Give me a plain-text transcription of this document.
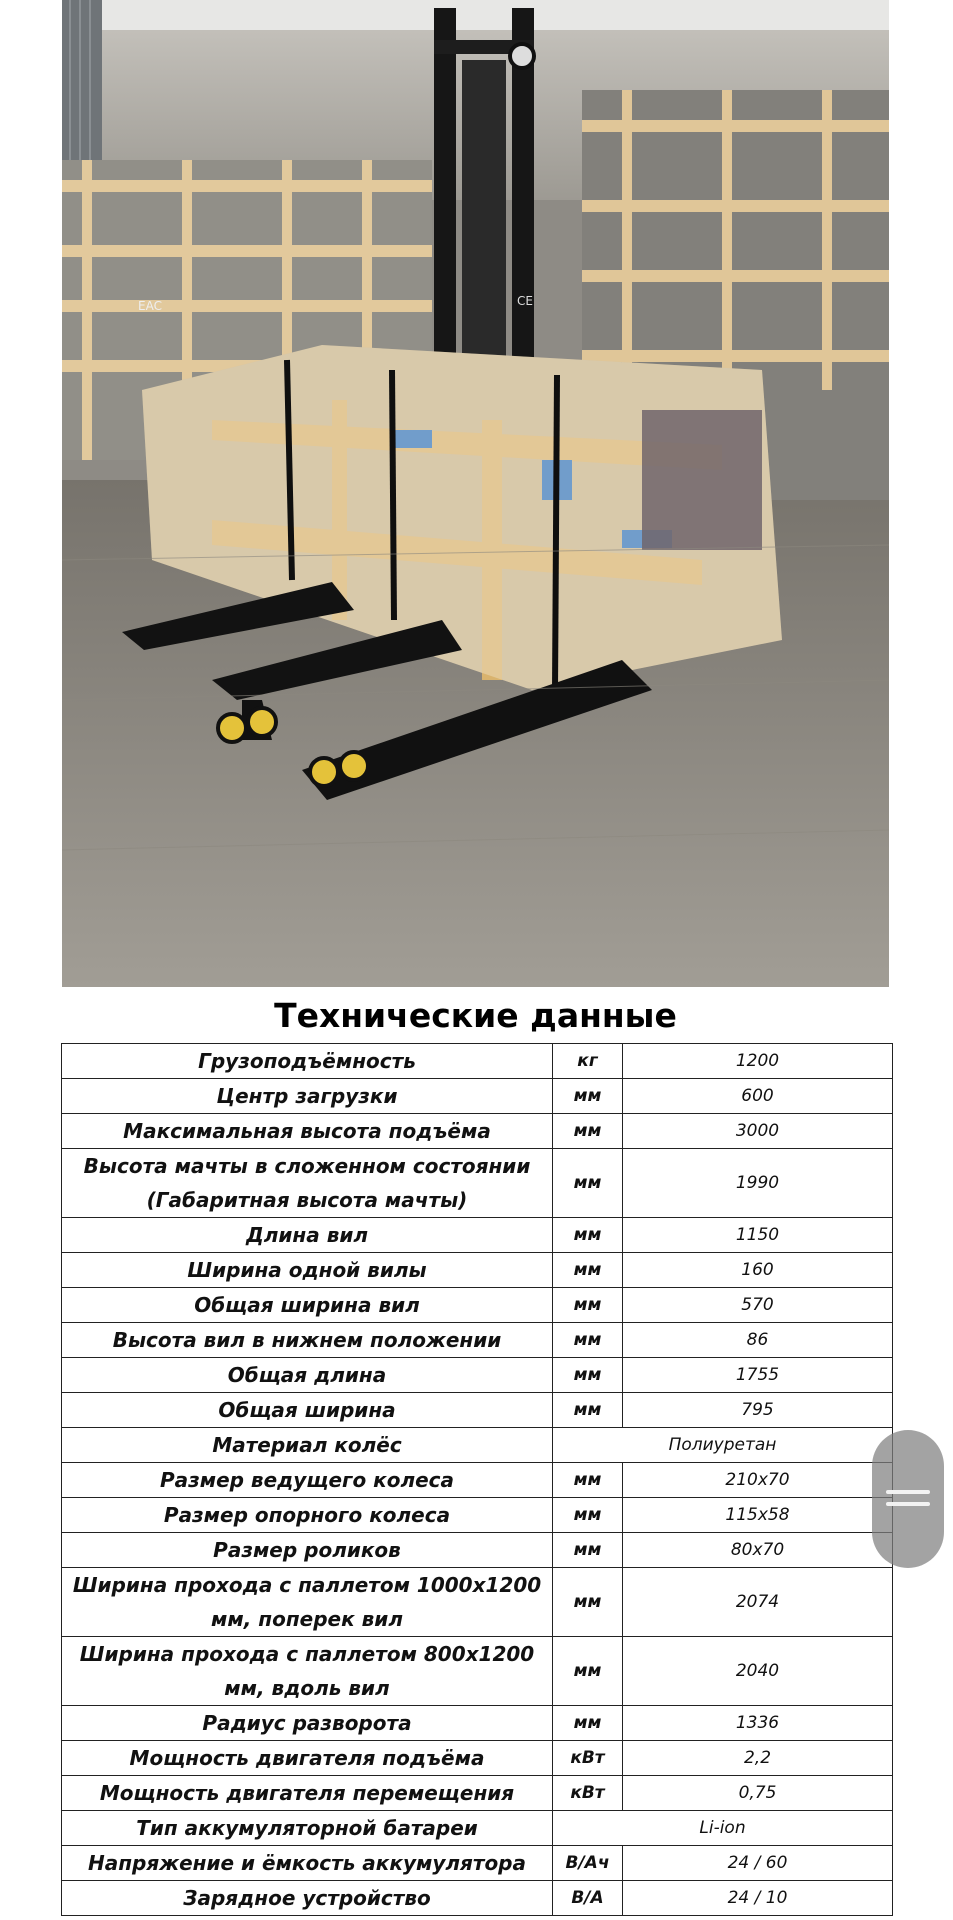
CE
EAC
Технические данные
Грузоподъёмность	кг	1200
Центр загрузки	мм	600
Максимальная высота подъёма	мм	3000
Высота мачты в сложенном состоянии (Габаритная высота мачты)	мм	1990
Длина вил	мм	1150
Ширина одной вилы	мм	160
Общая ширина вил	мм	570
Высота вил в нижнем положении	мм	86
Общая длина	мм	1755
Общая ширина	мм	795
Материал колёс	Полиуретан	
Размер ведущего колеса	мм	210x70
Размер опорного колеса	мм	115x58
Размер роликов	мм	80x70
Ширина прохода с паллетом 1000x1200 мм, поперек вил	мм	2074
Ширина прохода с паллетом 800x1200 мм, вдоль вил	мм	2040
Радиус разворота	мм	1336
Мощность двигателя подъёма	кВт	2,2
Мощность двигателя перемещения	кВт	0,75
Тип аккумуляторной батареи	Li-ion	
Напряжение и ёмкость аккумулятора	В/Ач	24 / 60
Зарядное устройство	В/А	24 / 10
